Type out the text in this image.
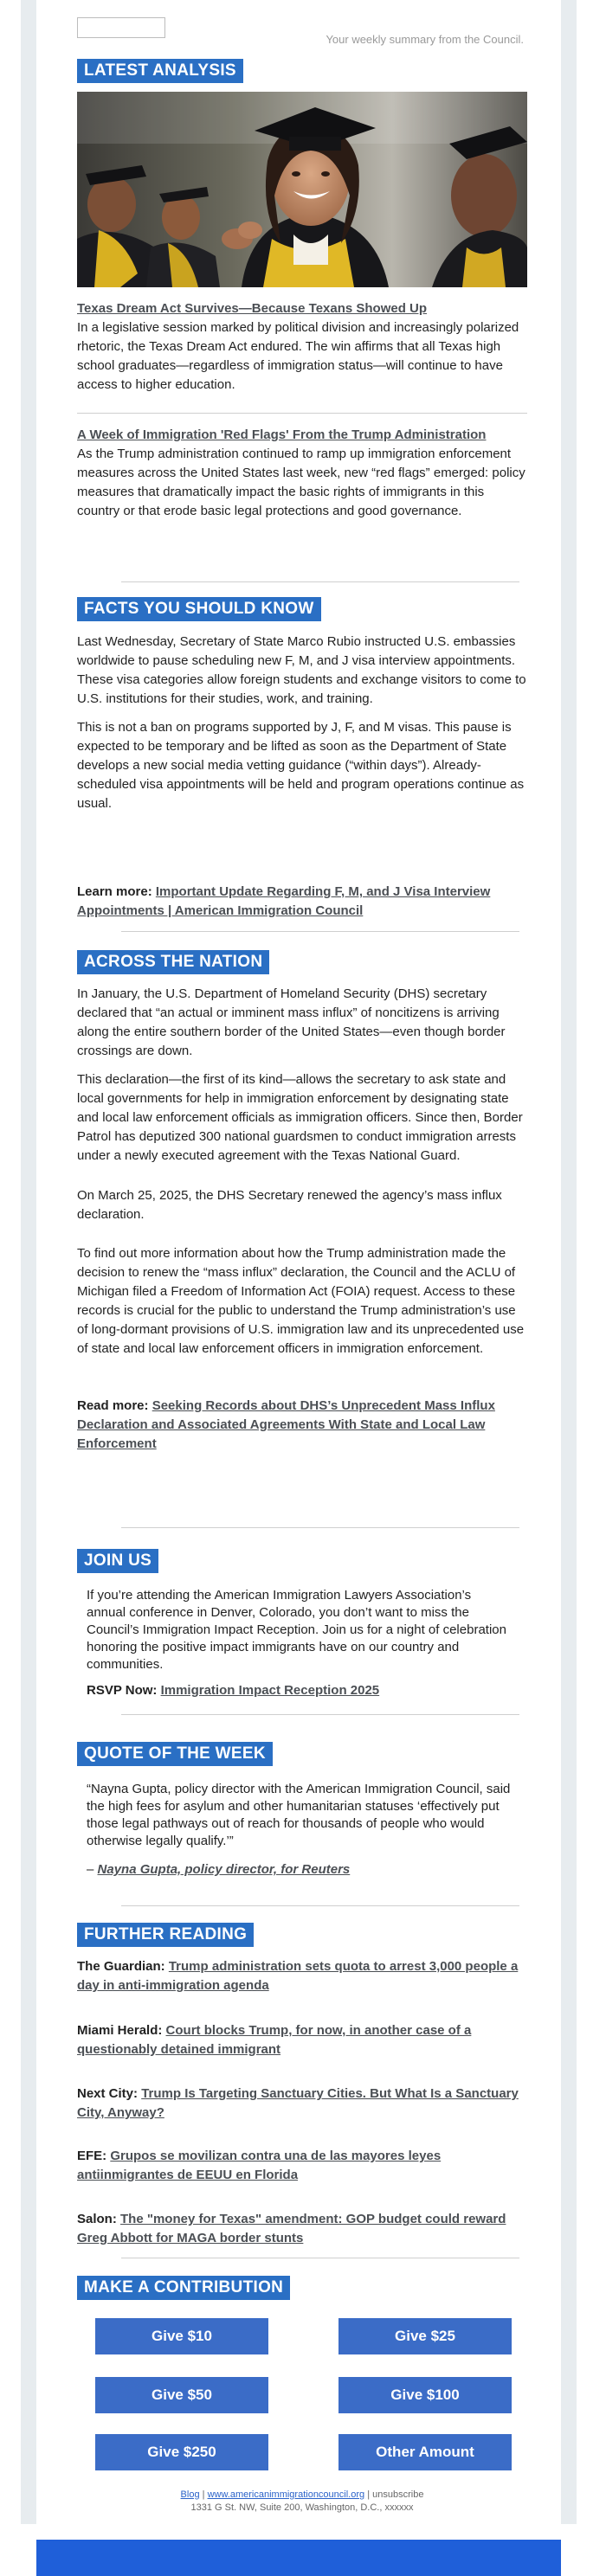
Your weekly summary from the Council.
LATEST ANALYSIS

Texas Dream Act Survives—Because Texans Showed Up

In a legislative session marked by political division and increasingly polarized rhetoric, the Texas Dream Act endured. The win affirms that all Texas high school graduates—regardless of immigration status—will continue to have access to higher education.

A Week of Immigration 'Red Flags' From the Trump Administration

As the Trump administration continued to ramp up immigration enforcement measures across the United States last week, new “red flags” emerged: policy measures that dramatically impact the basic rights of immigrants in this country or that erode basic legal protections and good governance.

FACTS YOU SHOULD KNOW

Last Wednesday, Secretary of State Marco Rubio instructed U.S. embassies worldwide to pause scheduling new F, M, and J visa interview appointments. These visa categories allow foreign students and exchange visitors to come to U.S. institutions for their studies, work, and training.

This is not a ban on programs supported by J, F, and M visas. This pause is expected to be temporary and be lifted as soon as the Department of State develops a new social media vetting guidance (“within days”). Already-scheduled visa appointments will be held and program operations continue as usual.

Learn more: Important Update Regarding F, M, and J Visa Interview Appointments | American Immigration Council

ACROSS THE NATION

In January, the U.S. Department of Homeland Security (DHS) secretary declared that “an actual or imminent mass influx” of noncitizens is arriving along the entire southern border of the United States—even though border crossings are down.

This declaration—the first of its kind—allows the secretary to ask state and local governments for help in immigration enforcement by designating state and local law enforcement officials as immigration officers. Since then, Border Patrol has deputized 300 national guardsmen to conduct immigration arrests under a newly executed agreement with the Texas National Guard.

On March 25, 2025, the DHS Secretary renewed the agency’s mass influx declaration.

To find out more information about how the Trump administration made the decision to renew the “mass influx” declaration, the Council and the ACLU of Michigan filed a Freedom of Information Act (FOIA) request. Access to these records is crucial for the public to understand the Trump administration’s use of long-dormant provisions of U.S. immigration law and its unprecedented use of state and local law enforcement officers in immigration enforcement.

Read more: Seeking Records about DHS’s Unprecedent Mass Influx Declaration and Associated Agreements With State and Local Law Enforcement

JOIN US

If you’re attending the American Immigration Lawyers Association’s annual conference in Denver, Colorado, you don’t want to miss the Council’s Immigration Impact Reception. Join us for a night of celebration honoring the positive impact immigrants have on our country and communities.

RSVP Now: Immigration Impact Reception 2025

QUOTE OF THE WEEK

“Nayna Gupta, policy director with the American Immigration Council, said the high fees for asylum and other humanitarian statuses ‘effectively put those legal pathways out of reach for thousands of people who would otherwise legally qualify.’”

– Nayna Gupta, policy director, for Reuters

FURTHER READING

The Guardian: Trump administration sets quota to arrest 3,000 people a day in anti-immigration agenda

Miami Herald: Court blocks Trump, for now, in another case of a questionably detained immigrant

Next City: Trump Is Targeting Sanctuary Cities. But What Is a Sanctuary City, Anyway?

EFE: Grupos se movilizan contra una de las mayores leyes antiinmigrantes de EEUU en Florida

Salon: The "money for Texas" amendment: GOP budget could reward Greg Abbott for MAGA border stunts

MAKE A CONTRIBUTION
Give $10	Give $25
Give $50	Give $100
Give $250	Other Amount
Blog | www.americanimmigrationcouncil.org | unsubscribe
1331 G St. NW, Suite 200, Washington, D.C., xxxxxx
